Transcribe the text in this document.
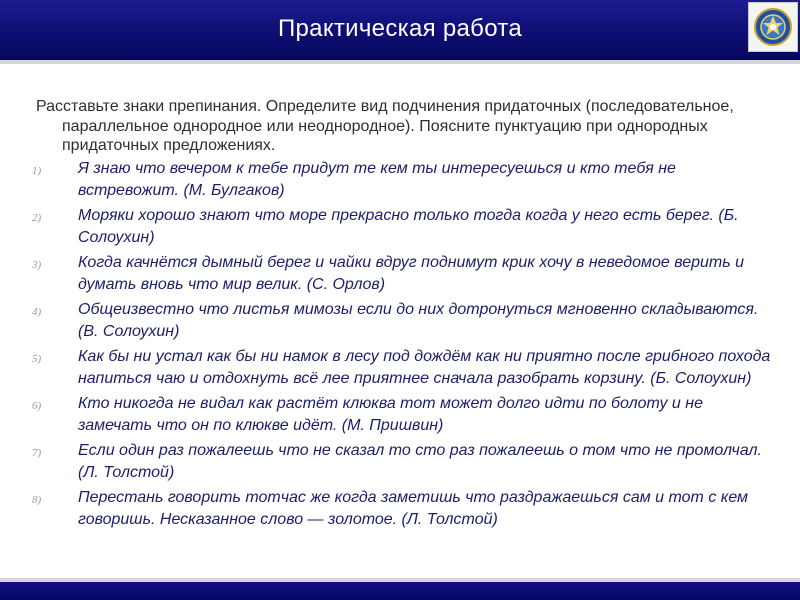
Практическая работа

Расставьте знаки препинания. Определите вид подчинения придаточных (последовательное, параллельное однородное или неоднородное). Поясните пунктуацию при однородных придаточных предложениях.

1) Я знаю что вечером к тебе придут те кем ты интересуешься и кто тебя не встревожит. (М. Булгаков)
2) Моряки хорошо знают что море прекрасно только тогда когда у него есть берег. (Б. Солоухин)
3) Когда качнётся дымный берег и чайки вдруг поднимут крик хочу в неведомое верить и думать вновь что мир велик. (С. Орлов)
4) Общеизвестно что листья мимозы если до них дотронуться мгновенно складываются. (В. Солоухин)
5) Как бы ни устал как бы ни намок в лесу под дождём как ни приятно после грибного похода напиться чаю и отдохнуть всё лее приятнее сначала разобрать корзину. (Б. Солоухин)
6) Кто никогда не видал как растёт клюква тот может долго идти по болоту и не замечать что он по клюкве идёт. (М. Пришвин)
7) Если один раз пожалеешь что не сказал то сто раз пожалеешь о том что не промолчал. (Л. Толстой)
8) Перестань говорить тотчас же когда заметишь что раздражаешься сам и тот с кем говоришь. Несказанное слово — золотое. (Л. Толстой)
